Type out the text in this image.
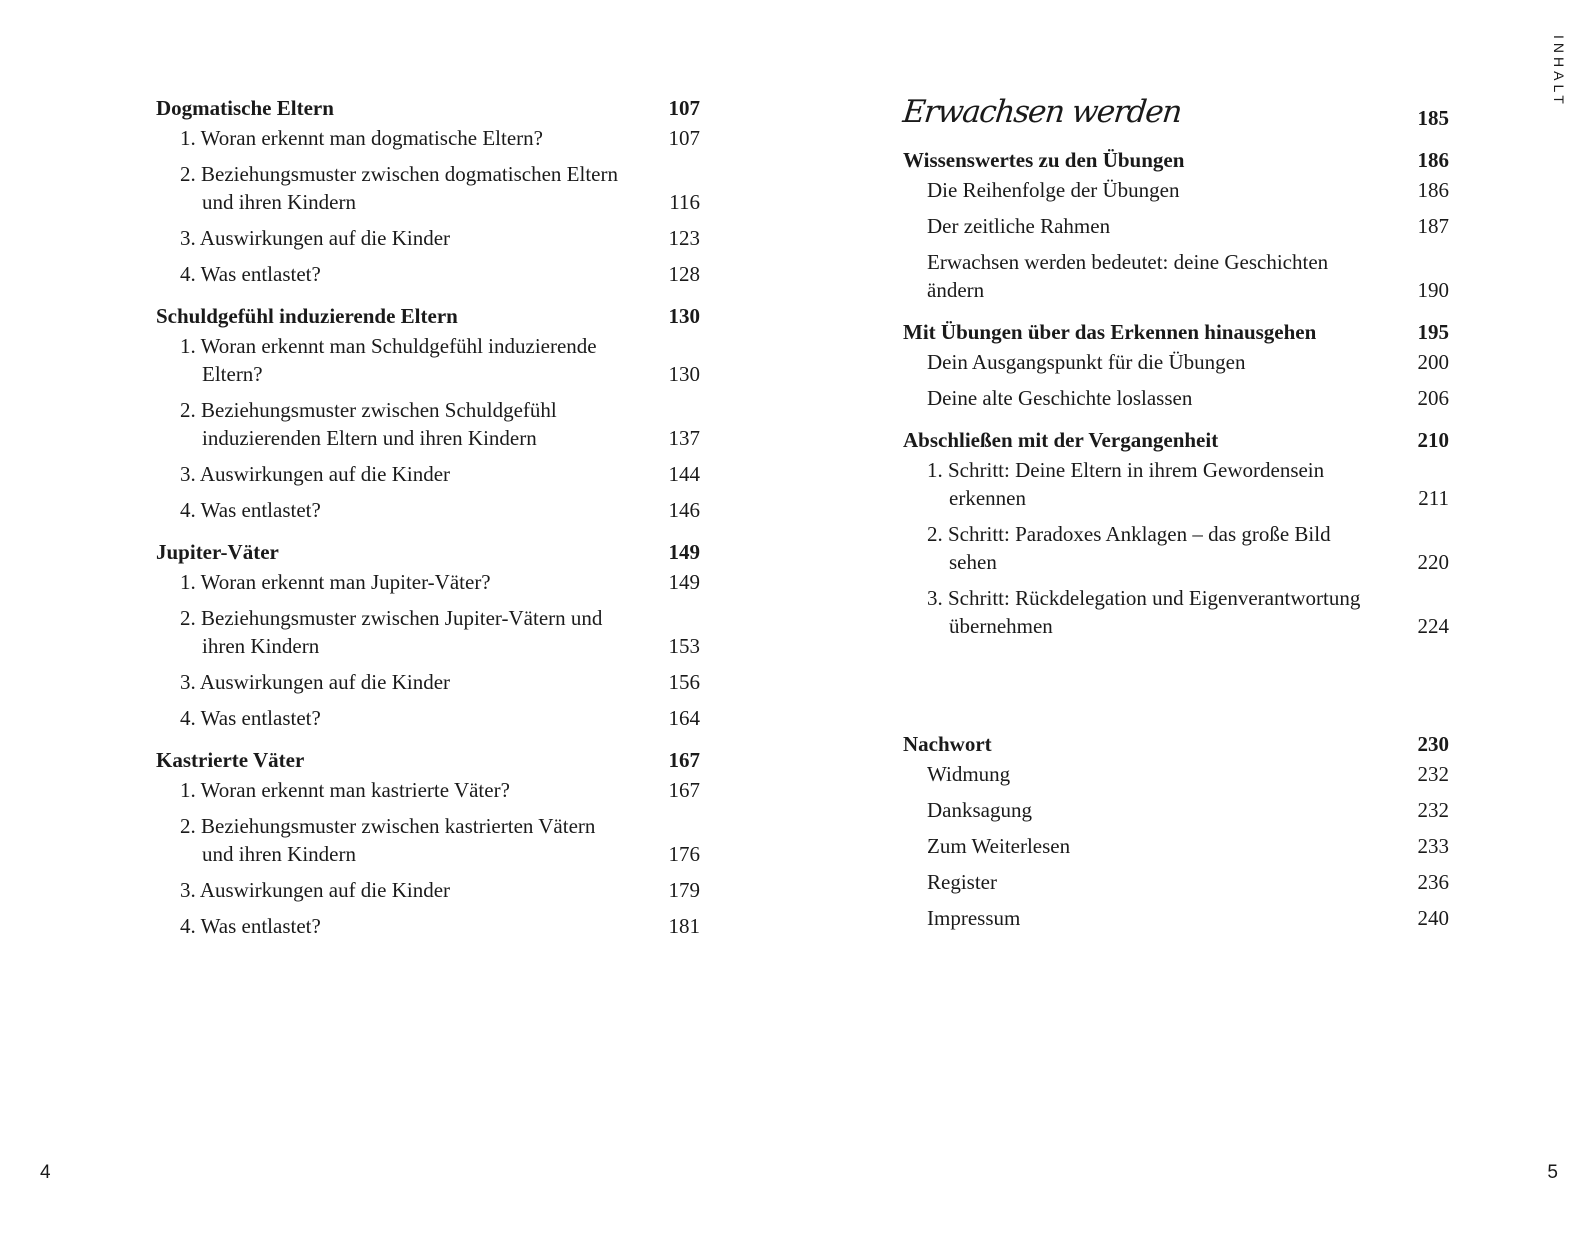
Dogmatische Eltern	107
1. Woran erkennt man dogmatische Eltern?	107
2. Beziehungsmuster zwischen dogmatischen Eltern und ihren Kindern	116
3. Auswirkungen auf die Kinder	123
4. Was entlastet?	128
Schuldgefühl induzierende Eltern	130
1. Woran erkennt man Schuldgefühl induzierende Eltern?	130
2. Beziehungsmuster zwischen Schuldgefühl induzierenden Eltern und ihren Kindern	137
3. Auswirkungen auf die Kinder	144
4. Was entlastet?	146
Jupiter-Väter	149
1. Woran erkennt man Jupiter-Väter?	149
2. Beziehungsmuster zwischen Jupiter-Vätern und ihren Kindern	153
3. Auswirkungen auf die Kinder	156
4. Was entlastet?	164
Kastrierte Väter	167
1. Woran erkennt man kastrierte Väter?	167
2. Beziehungsmuster zwischen kastrierten Vätern und ihren Kindern	176
3. Auswirkungen auf die Kinder	179
4. Was entlastet?	181
Erwachsen werden	185
Wissenswertes zu den Übungen	186
Die Reihenfolge der Übungen	186
Der zeitliche Rahmen	187
Erwachsen werden bedeutet: deine Geschichten ändern	190
Mit Übungen über das Erkennen hinausgehen	195
Dein Ausgangspunkt für die Übungen	200
Deine alte Geschichte loslassen	206
Abschließen mit der Vergangenheit	210
1. Schritt: Deine Eltern in ihrem Gewordensein erkennen	211
2. Schritt: Paradoxes Anklagen – das große Bild sehen	220
3. Schritt: Rückdelegation und Eigenverantwortung übernehmen	224
Nachwort	230
Widmung	232
Danksagung	232
Zum Weiterlesen	233
Register	236
Impressum	240
INHALT
4	5
